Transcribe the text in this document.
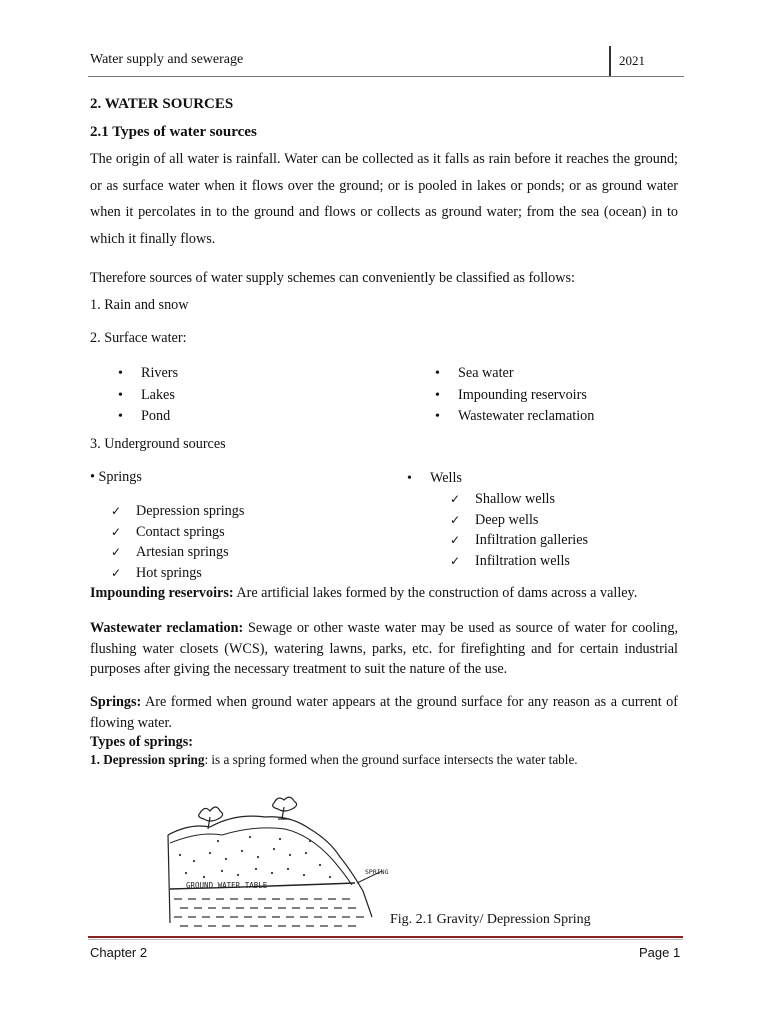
Water supply and sewerage	2021
2. WATER SOURCES
2.1 Types of water sources

The origin of all water is rainfall. Water can be collected as it falls as rain before it reaches the ground; or as surface water when it flows over the ground; or is pooled in lakes or ponds; or as ground water when it percolates in to the ground and flows or collects as ground water; from the sea (ocean) in to which it finally flows.

Therefore sources of water supply schemes can conveniently be classified as follows:
1. Rain and snow
2. Surface water:
• Rivers
• Lakes
• Pond
• Sea water
• Impounding reservoirs
• Wastewater reclamation
3. Underground sources
• Springs
✓ Depression springs
✓ Contact springs
✓ Artesian springs
✓ Hot springs
• Wells
✓ Shallow wells
✓ Deep wells
✓ Infiltration galleries
✓ Infiltration wells

Impounding reservoirs: Are artificial lakes formed by the construction of dams across a valley.

Wastewater reclamation: Sewage or other waste water may be used as source of water for cooling, flushing water closets (WCS), watering lawns, parks, etc. for firefighting and for certain industrial purposes after giving the necessary treatment to suit the nature of the use.

Springs: Are formed when ground water appears at the ground surface for any reason as a current of flowing water.

Types of springs:
1. Depression spring: is a spring formed when the ground surface intersects the water table.
GROUND WATER TABLE
SPRING
Fig. 2.1 Gravity/ Depression Spring
Chapter 2	Page 1
